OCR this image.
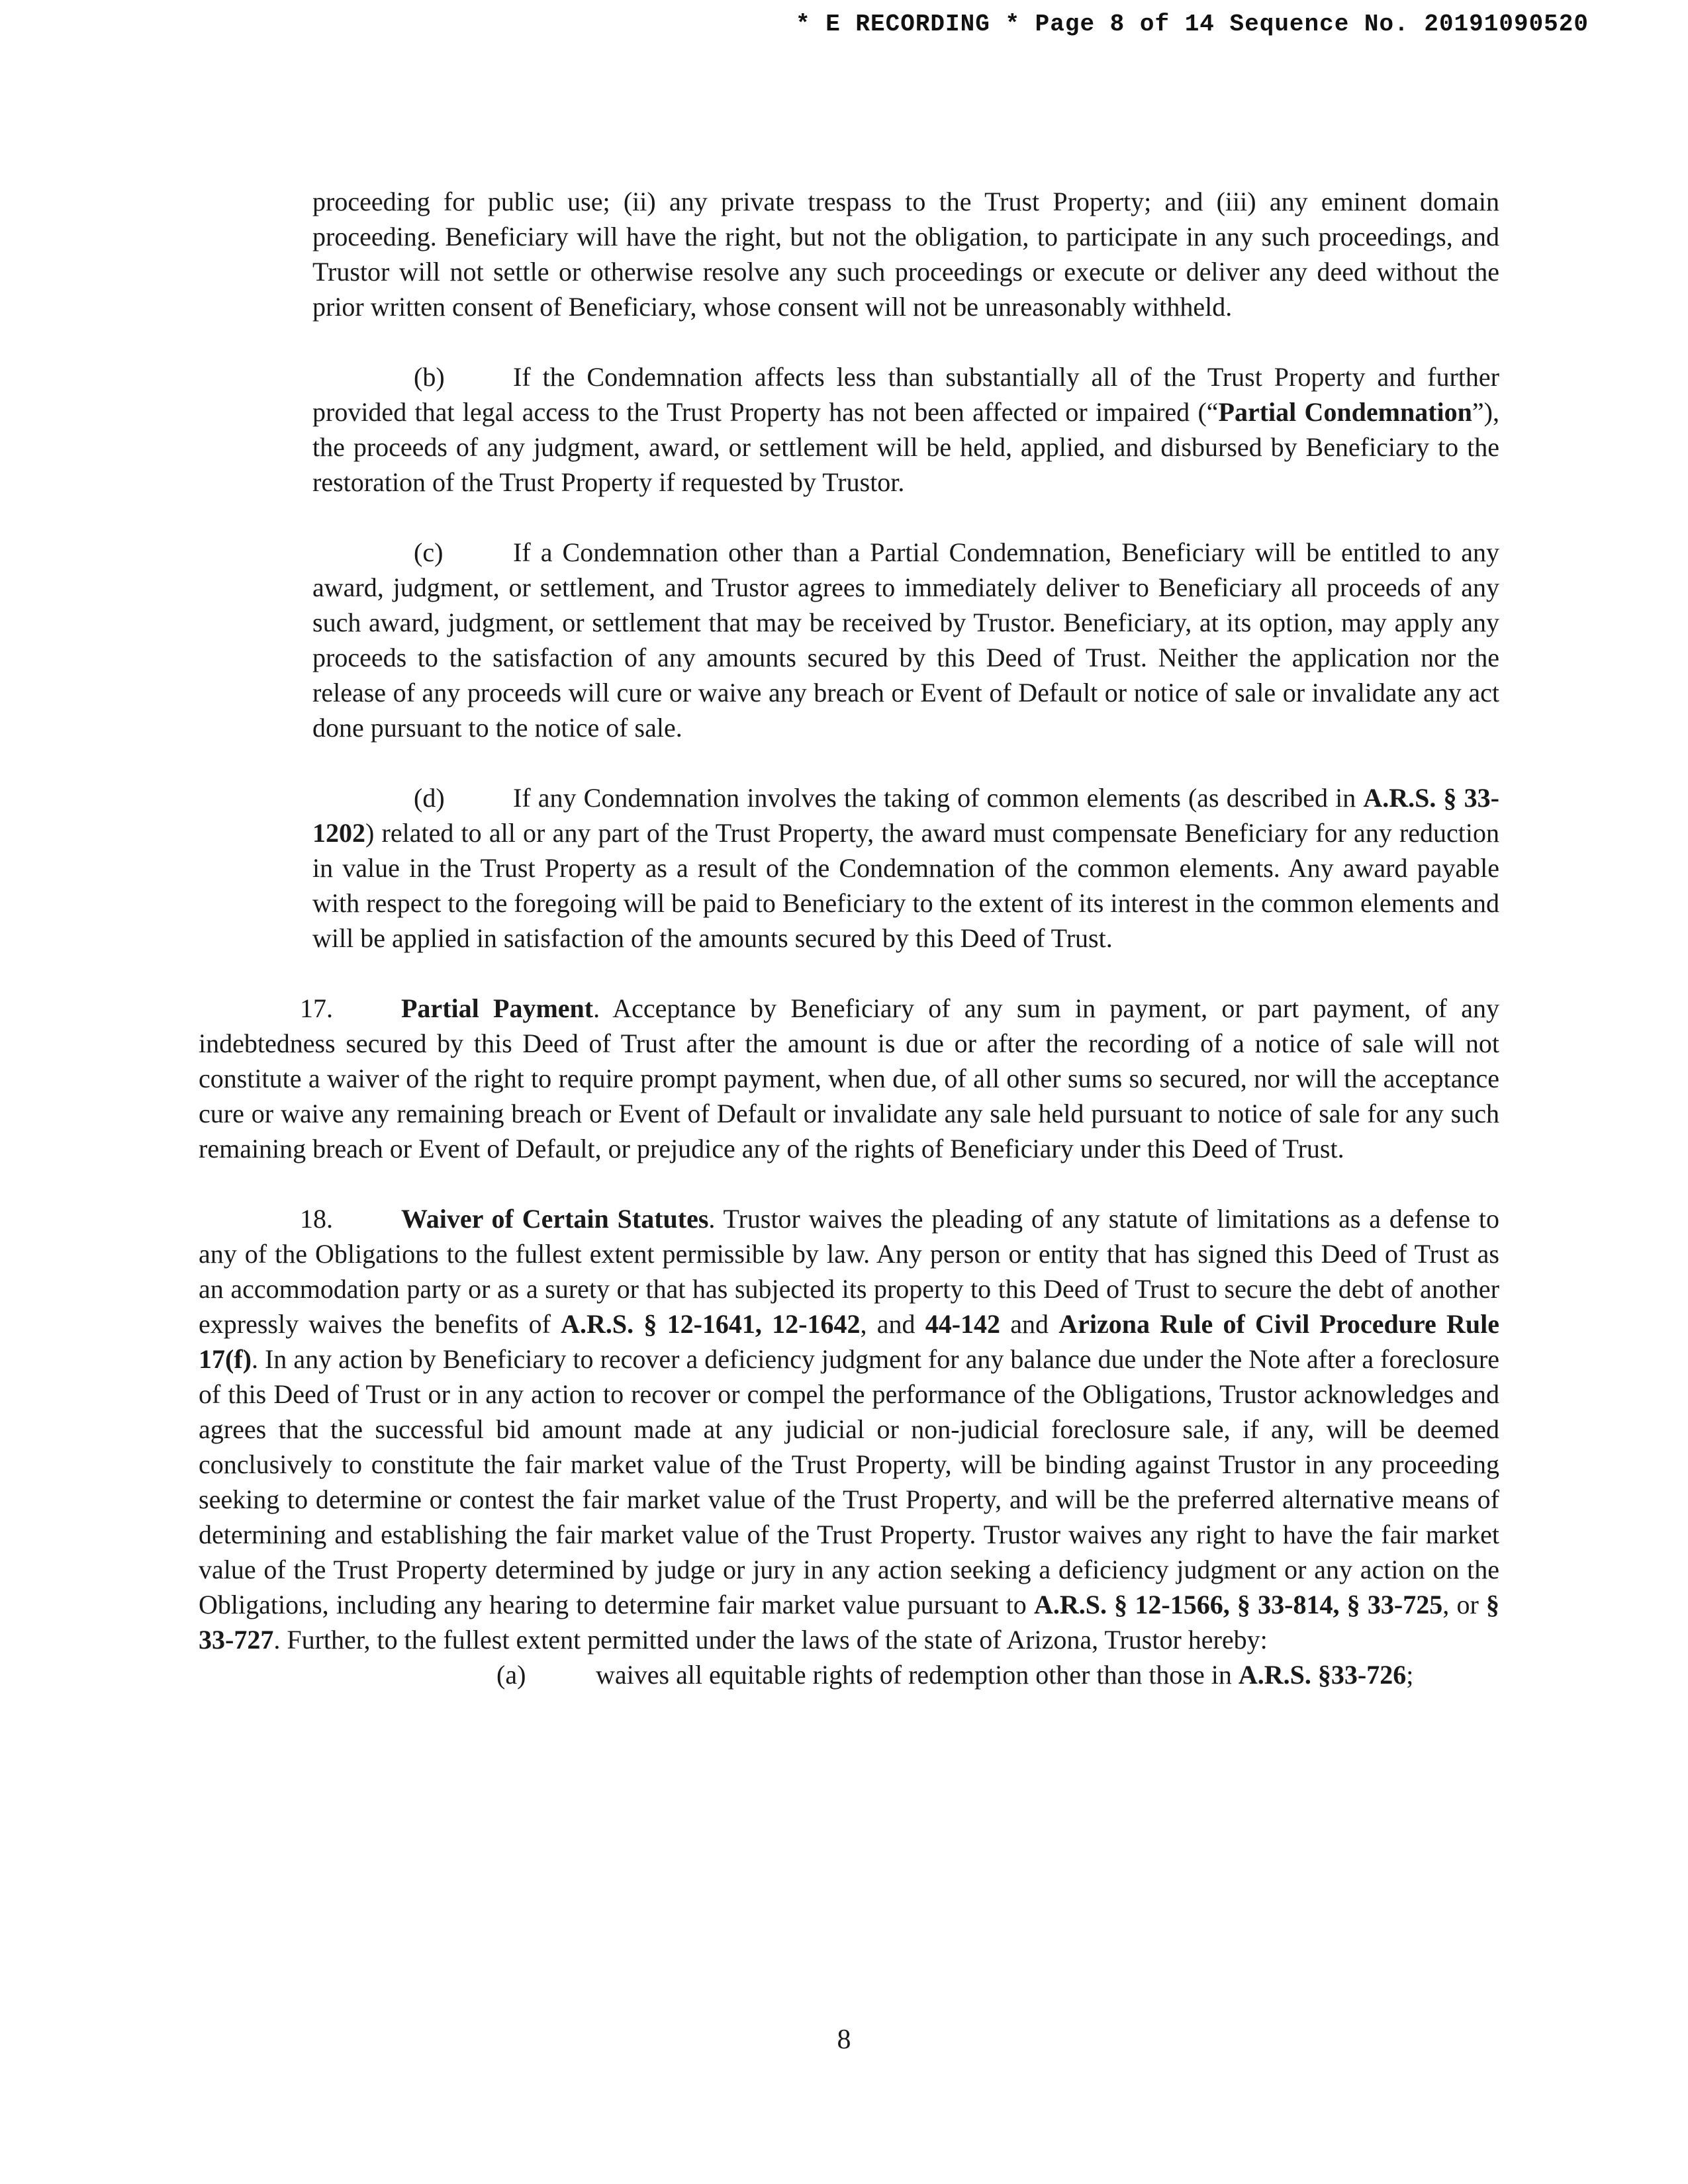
* E RECORDING * Page 8 of 14 Sequence No. 20191090520

proceeding for public use; (ii) any private trespass to the Trust Property; and (iii) any eminent domain proceeding. Beneficiary will have the right, but not the obligation, to participate in any such proceedings, and Trustor will not settle or otherwise resolve any such proceedings or execute or deliver any deed without the prior written consent of Beneficiary, whose consent will not be unreasonably withheld.

(b)	If the Condemnation affects less than substantially all of the Trust Property and further provided that legal access to the Trust Property has not been affected or impaired (“Partial Condemnation”), the proceeds of any judgment, award, or settlement will be held, applied, and disbursed by Beneficiary to the restoration of the Trust Property if requested by Trustor.

(c)	If a Condemnation other than a Partial Condemnation, Beneficiary will be entitled to any award, judgment, or settlement, and Trustor agrees to immediately deliver to Beneficiary all proceeds of any such award, judgment, or settlement that may be received by Trustor. Beneficiary, at its option, may apply any proceeds to the satisfaction of any amounts secured by this Deed of Trust. Neither the application nor the release of any proceeds will cure or waive any breach or Event of Default or notice of sale or invalidate any act done pursuant to the notice of sale.

(d)	If any Condemnation involves the taking of common elements (as described in A.R.S. § 33-1202) related to all or any part of the Trust Property, the award must compensate Beneficiary for any reduction in value in the Trust Property as a result of the Condemnation of the common elements. Any award payable with respect to the foregoing will be paid to Beneficiary to the extent of its interest in the common elements and will be applied in satisfaction of the amounts secured by this Deed of Trust.

17.	Partial Payment. Acceptance by Beneficiary of any sum in payment, or part payment, of any indebtedness secured by this Deed of Trust after the amount is due or after the recording of a notice of sale will not constitute a waiver of the right to require prompt payment, when due, of all other sums so secured, nor will the acceptance cure or waive any remaining breach or Event of Default or invalidate any sale held pursuant to notice of sale for any such remaining breach or Event of Default, or prejudice any of the rights of Beneficiary under this Deed of Trust.

18.	Waiver of Certain Statutes. Trustor waives the pleading of any statute of limitations as a defense to any of the Obligations to the fullest extent permissible by law. Any person or entity that has signed this Deed of Trust as an accommodation party or as a surety or that has subjected its property to this Deed of Trust to secure the debt of another expressly waives the benefits of A.R.S. § 12-1641, 12-1642, and 44-142 and Arizona Rule of Civil Procedure Rule 17(f). In any action by Beneficiary to recover a deficiency judgment for any balance due under the Note after a foreclosure of this Deed of Trust or in any action to recover or compel the performance of the Obligations, Trustor acknowledges and agrees that the successful bid amount made at any judicial or non-judicial foreclosure sale, if any, will be deemed conclusively to constitute the fair market value of the Trust Property, will be binding against Trustor in any proceeding seeking to determine or contest the fair market value of the Trust Property, and will be the preferred alternative means of determining and establishing the fair market value of the Trust Property. Trustor waives any right to have the fair market value of the Trust Property determined by judge or jury in any action seeking a deficiency judgment or any action on the Obligations, including any hearing to determine fair market value pursuant to A.R.S. § 12-1566, § 33-814, § 33-725, or § 33-727. Further, to the fullest extent permitted under the laws of the state of Arizona, Trustor hereby:

(a)	waives all equitable rights of redemption other than those in A.R.S. §33-726;

8
